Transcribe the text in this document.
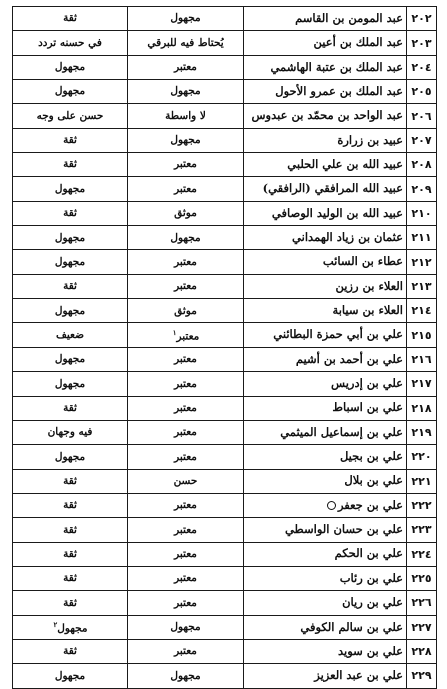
٢٠٢	عبد المومن بن القاسم	مجهول	ثقة
٢٠٣	عبد الملك بن أعين	يُحتاط فيه للبرقي	في حسنه تردد
٢٠٤	عبد الملك بن عتبة الهاشمي	معتبر	مجهول
٢٠٥	عبد الملك بن عمرو الأحول	مجهول	مجهول
٢٠٦	عبد الواحد بن محمّد بن عبدوس	لا واسطة	حسن على وجه
٢٠٧	عبيد بن زرارة	مجهول	ثقة
٢٠٨	عبيد الله بن علي الحلبي	معتبر	ثقة
٢٠٩	عبيد الله المرافقي (الرافقي)	معتبر	مجهول
٢١٠	عبيد الله بن الوليد الوصافي	موثق	ثقة
٢١١	عثمان بن زياد الهمداني	مجهول	مجهول
٢١٢	عطاء بن السائب	معتبر	مجهول
٢١٣	العلاء بن رزين	معتبر	ثقة
٢١٤	العلاء بن سيابة	موثق	مجهول
٢١٥	علي بن أبي حمزة البطائني	معتبر$^١$	ضعيف
٢١٦	علي بن أحمد بن أشيم	معتبر	مجهول
٢١٧	علي بن إدريس	معتبر	مجهول
٢١٨	علي بن اسباط	معتبر	ثقة
٢١٩	علي بن إسماعيل الميثمي	معتبر	فيه وجهان
٢٢٠	علي بن بجيل	معتبر	مجهول
٢٢١	علي بن بلال	حسن	ثقة
٢٢٢	علي بن جعفر	معتبر	ثقة
٢٢٣	علي بن حسان الواسطي	معتبر	ثقة
٢٢٤	علي بن الحكم	معتبر	ثقة
٢٢٥	علي بن رئاب	معتبر	ثقة
٢٢٦	علي بن ريان	معتبر	ثقة
٢٢٧	علي بن سالم الكوفي	مجهول	مجهول$^٢$
٢٢٨	علي بن سويد	معتبر	ثقة
٢٢٩	علي بن عبد العزيز	مجهول	مجهول
